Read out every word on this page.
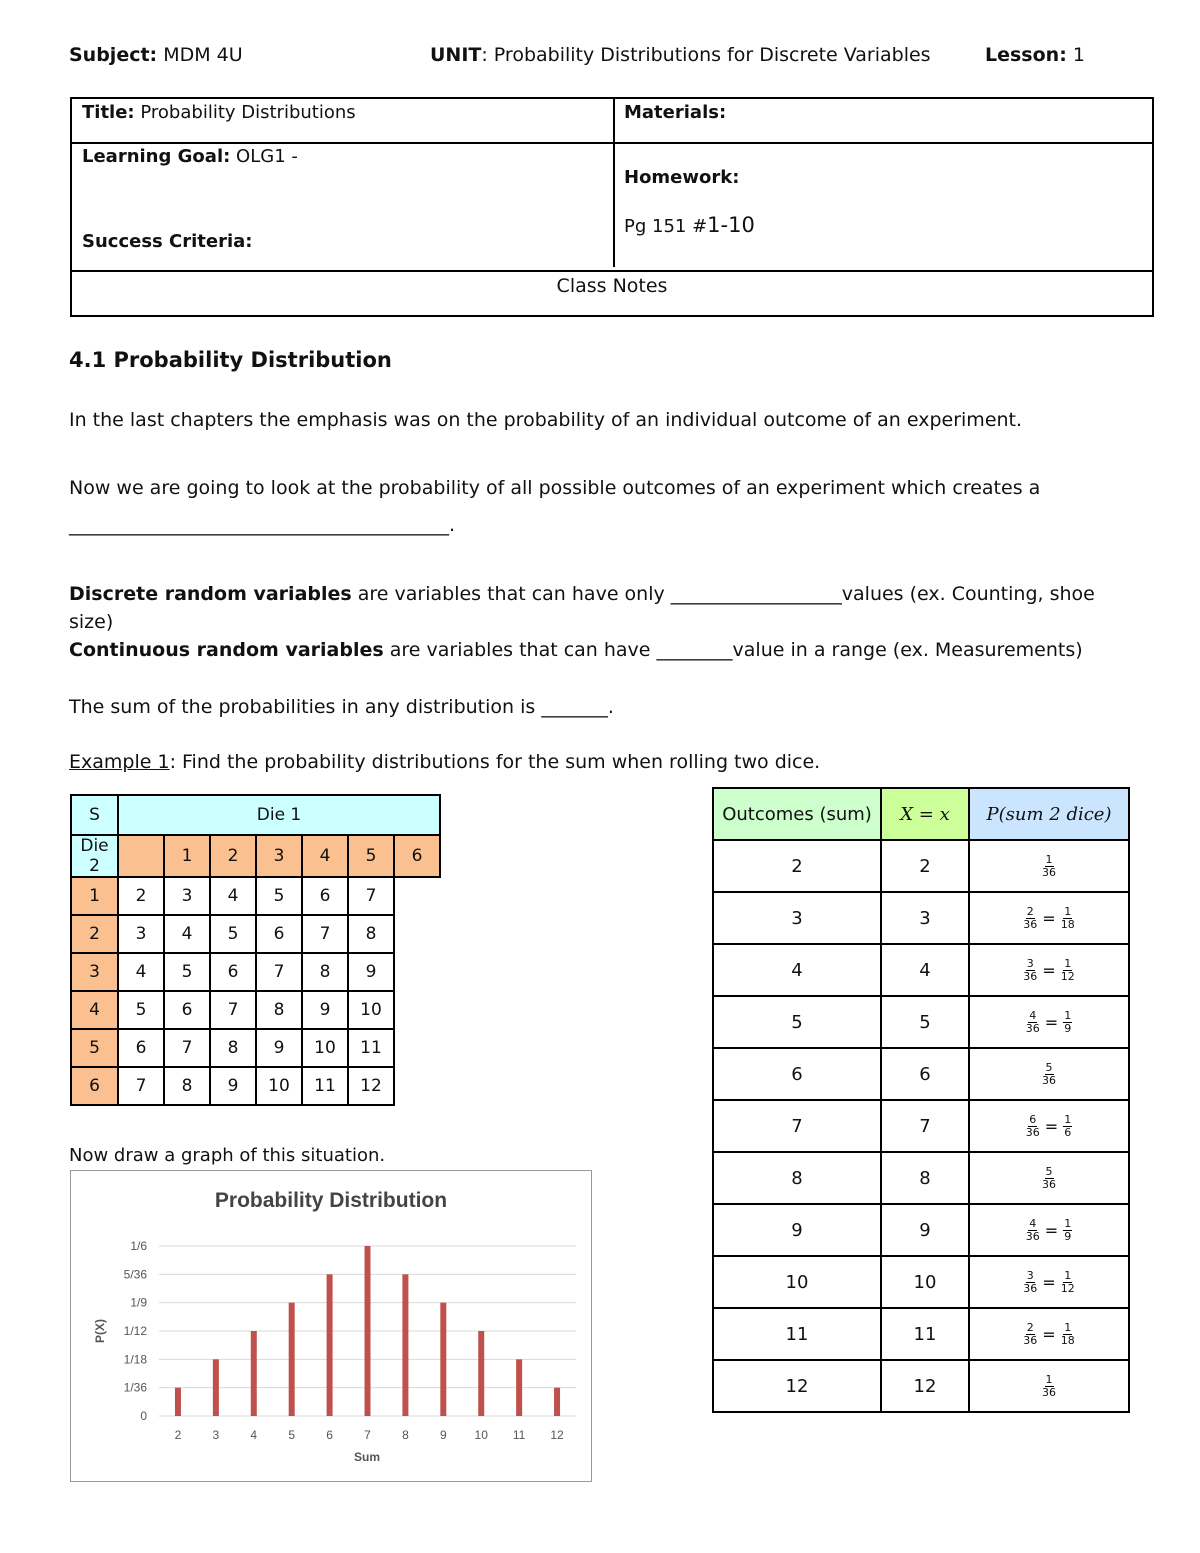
Subject: MDM 4U	UNIT: Probability Distributions for Discrete Variables	Lesson: 1
Title: Probability Distributions	Materials:
Learning Goal: OLG1 -
Success Criteria:
Homework:
Pg 151 #1-10
Class Notes
4.1 Probability Distribution
In the last chapters the emphasis was on the probability of an individual outcome of an experiment.
Now we are going to look at the probability of all possible outcomes of an experiment which creates a
________________________________________.
Discrete random variables are variables that can have only __________________values (ex. Counting, shoe
size)
Continuous random variables are variables that can have ________value in a range (ex. Measurements)
The sum of the probabilities in any distribution is _______.
Example 1: Find the probability distributions for the sum when rolling two dice.
S	Die 1						
Die
2		1	2	3	4	5	6
1	2	3	4	5	6	7	
2	3	4	5	6	7	8	
3	4	5	6	7	8	9	
4	5	6	7	8	9	10	
5	6	7	8	9	10	11	
6	7	8	9	10	11	12	
Outcomes (sum)	X = x	P(sum 2 dice)
2	2	$\frac{1}{36}$

3	3	$\frac{2}{36} = \frac{1}{18}$

4	4	$\frac{3}{36} = \frac{1}{12}$

5	5	$\frac{4}{36} = \frac{1}{9}$

6	6	$\frac{5}{36}$

7	7	$\frac{6}{36} = \frac{1}{6}$

8	8	$\frac{5}{36}$

9	9	$\frac{4}{36} = \frac{1}{9}$

10	10	$\frac{3}{36} = \frac{1}{12}$

11	11	$\frac{2}{36} = \frac{1}{18}$

12	12	$\frac{1}{36}$
Now draw a graph of this situation.
Probability Distribution
Sum
P(X)
0
1/36
1/18
1/12
1/9
5/36
1/6
2	3	4	5	6	7	8	9 10 11 12
